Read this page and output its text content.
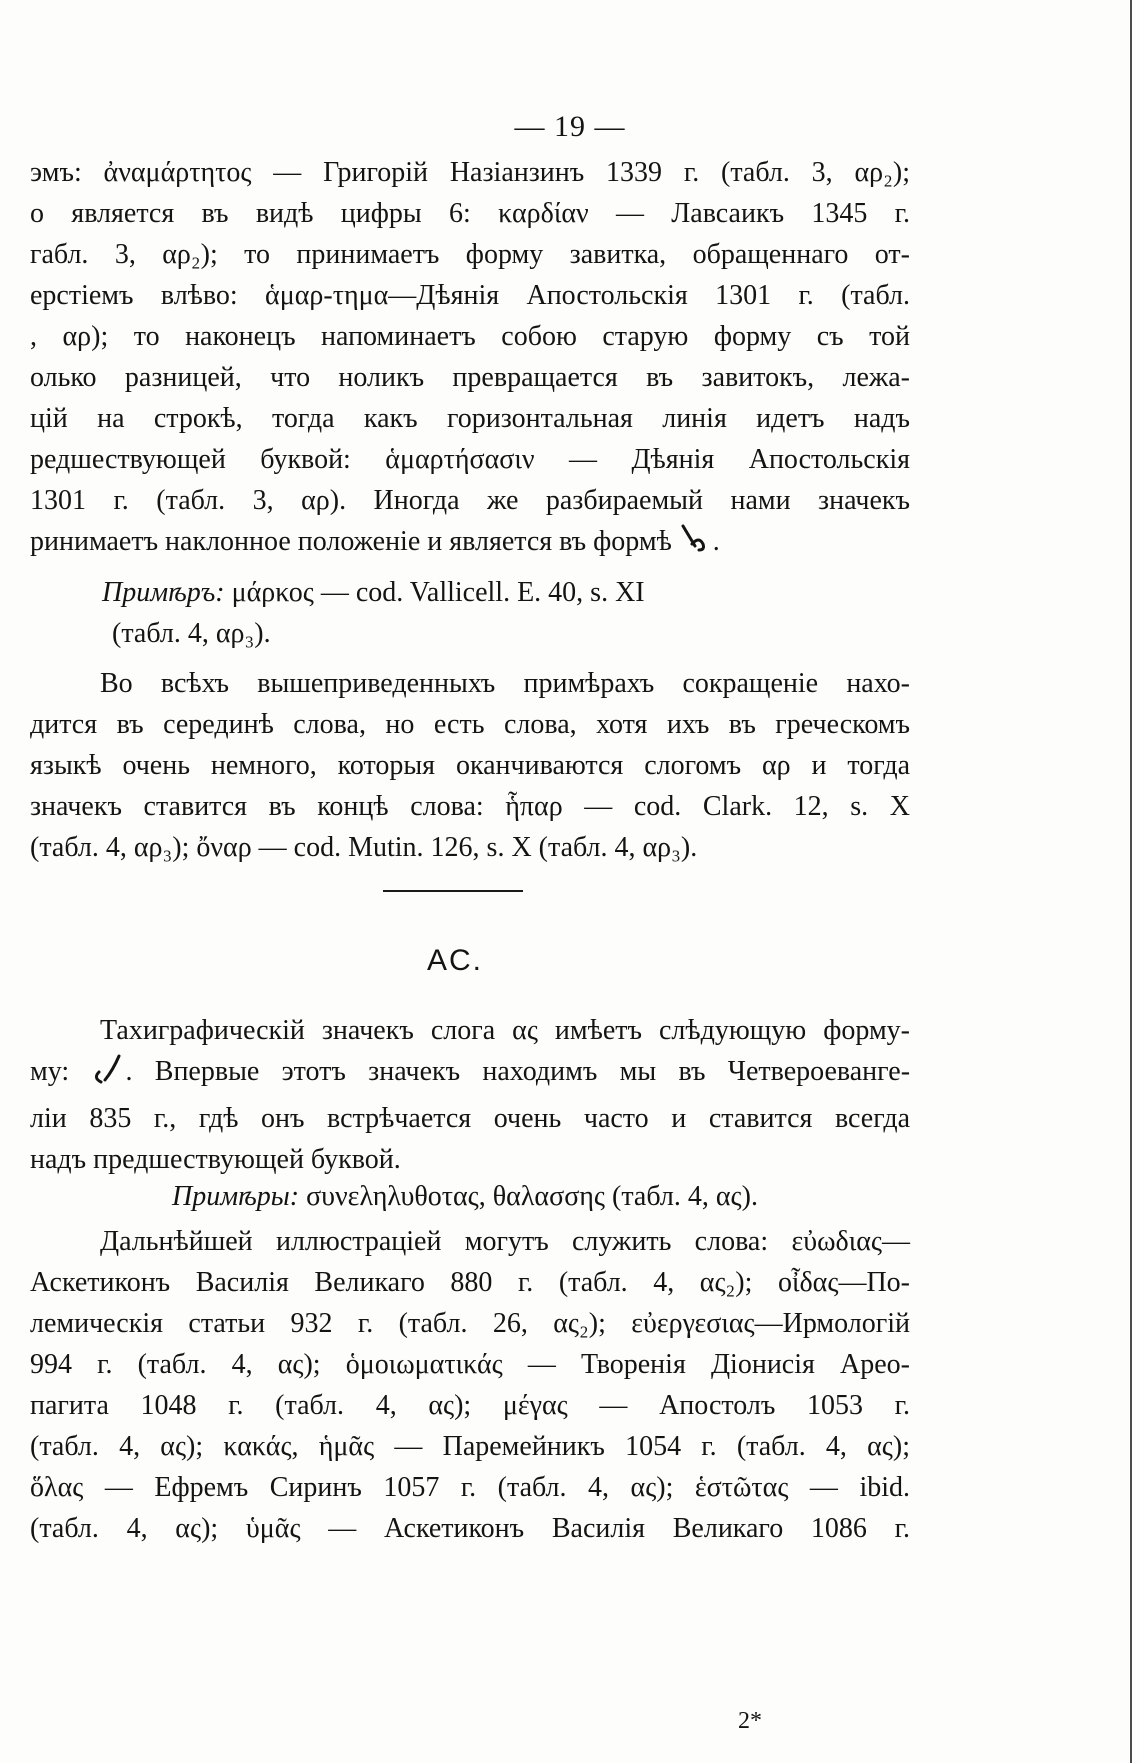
— 19 —
эмъ: ἀναμάρτητος — Григорій Назіанзинъ 1339 г. (табл. 3, αρ₂);
о является въ видѣ цифры 6: καρδίαν — Лавсаикъ 1345 г.
габл. 3, αρ₂); то принимаетъ форму завитка, обращеннаго от-
ерстіемъ влѣво: ἁμαρ-τημα—Дѣянія Апостольскія 1301 г. (табл.
, αρ); то наконецъ напоминаетъ собою старую форму съ той
олько разницей, что ноликъ превращается въ завитокъ, лежа-
цій на строкѣ, тогда какъ горизонтальная линія идетъ надъ
редшествующей буквой: ἁμαρτήσασιν — Дѣянія Апостольскія
1301 г. (табл. 3, αρ). Иногда же разбираемый нами значекъ
ринимаетъ наклонное положеніе и является въ формѣ .
Примѣръ: μάρκος — cod. Vallicell. E. 40, s. XI
(табл. 4, αρ₃).
Во всѣхъ вышеприведенныхъ примѣрахъ сокращеніе нахо-
дится въ серединѣ слова, но есть слова, хотя ихъ въ греческомъ
языкѣ очень немного, которыя оканчиваются слогомъ αρ и тогда
значекъ ставится въ концѣ слова: ἧπαρ — cod. Clark. 12, s. X
(табл. 4, αρ₃); ὄναρ — cod. Mutin. 126, s. X (табл. 4, αρ₃).
AC.
Тахиграфическій значекъ слога ας имѣетъ слѣдующую форму-
му: . Впервые этотъ значекъ находимъ мы въ Четвероеванге-
ліи 835 г., гдѣ онъ встрѣчается очень часто и ставится всегда
надъ предшествующей буквой.
Примѣры: συνεληλυθοτας, θαλασσης (табл. 4, ας).
Дальнѣйшей иллюстраціей могутъ служить слова: εὐωδιας—
Аскетиконъ Василія Великаго 880 г. (табл. 4, ας₂); οἶδας—По-
лемическія статьи 932 г. (табл. 26, ας₂); εὐεργεσιας—Ирмологій
994 г. (табл. 4, ας); ὁμοιωματικάς — Творенія Діонисія Арео-
пагита 1048 г. (табл. 4, ας); μέγας — Апостолъ 1053 г.
(табл. 4, ας); κακάς, ἡμᾶς — Паремейникъ 1054 г. (табл. 4, ας);
ὅλας — Ефремъ Сиринъ 1057 г. (табл. 4, ας); ἑστῶτας — ibid.
(табл. 4, ας); ὑμᾶς — Аскетиконъ Василія Великаго 1086 г.
2*
